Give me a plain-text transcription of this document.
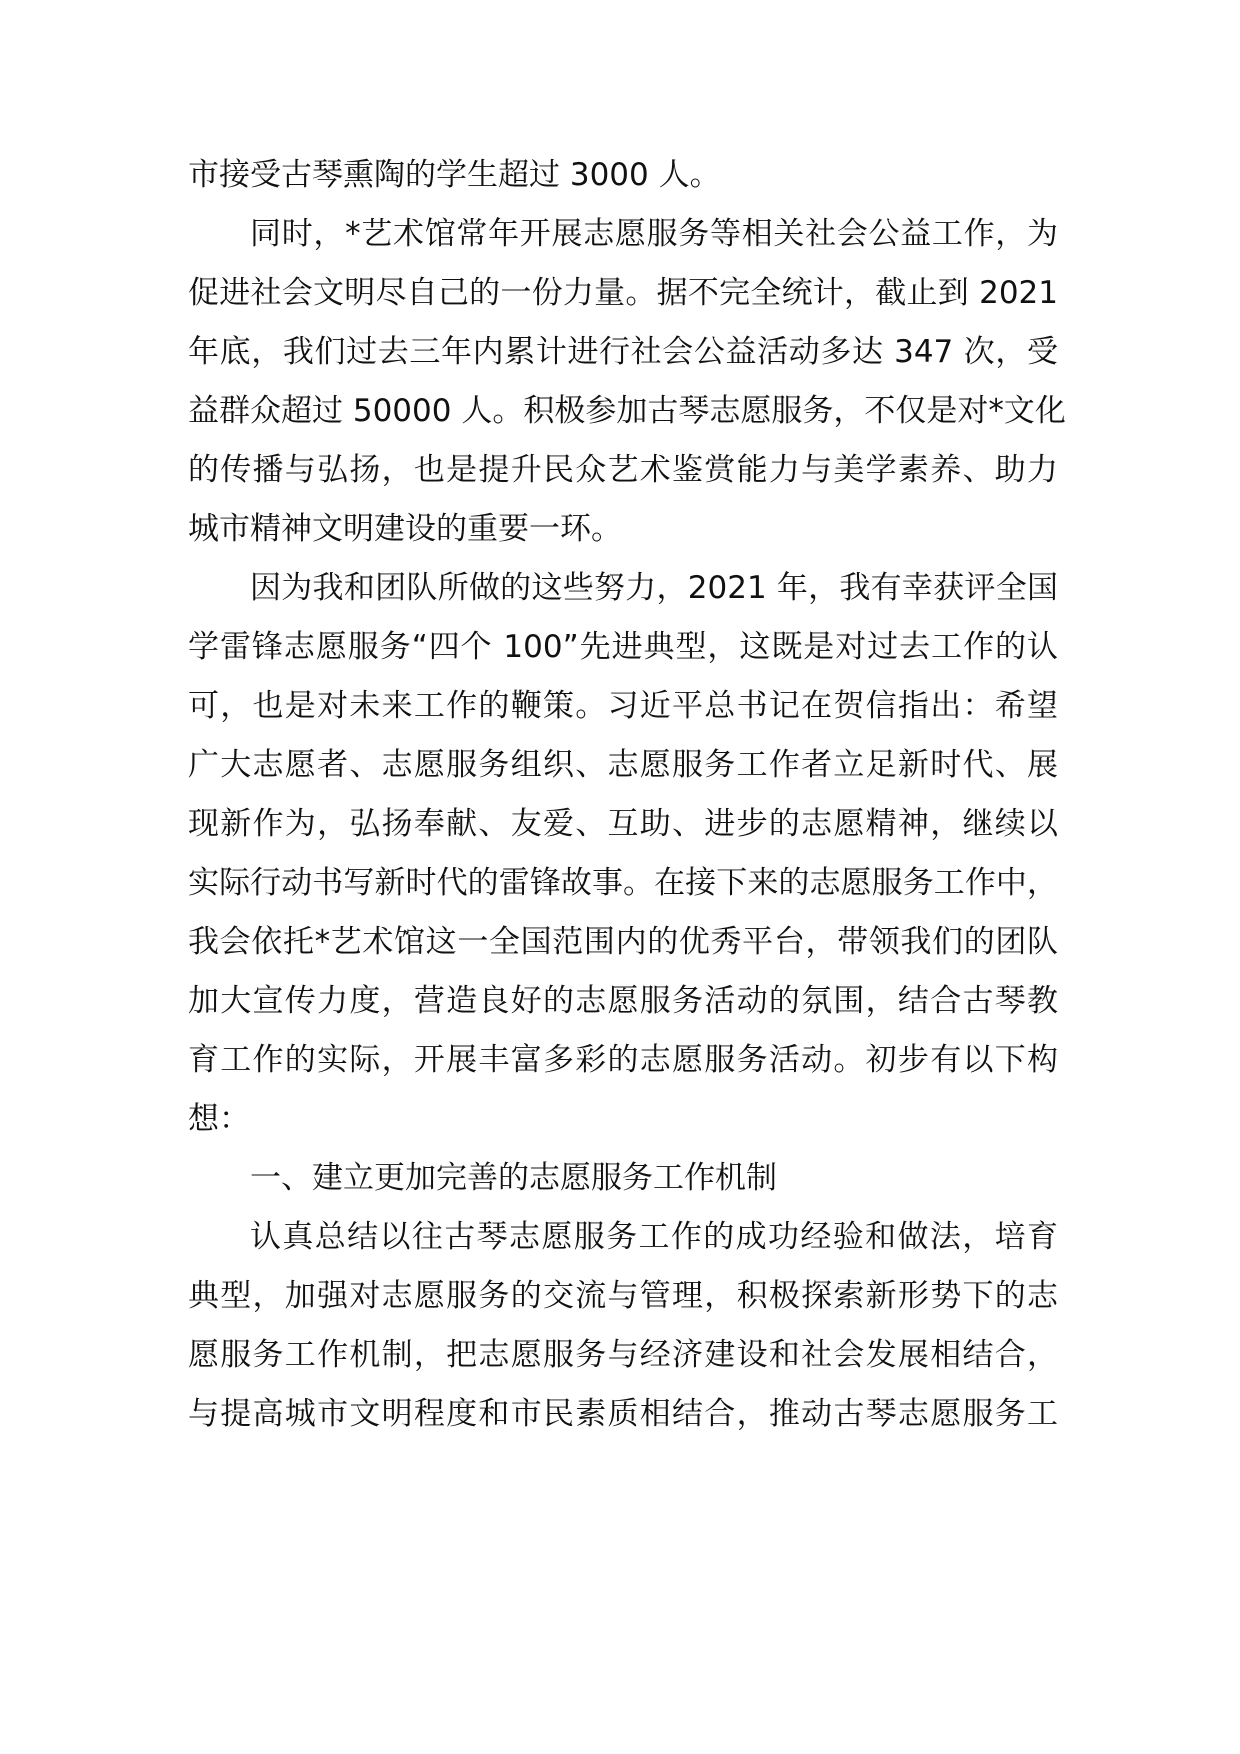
市接受古琴熏陶的学生超过 3000 人。
同时，*艺术馆常年开展志愿服务等相关社会公益工作，为
促进社会文明尽自己的一份力量。据不完全统计，截止到 2021
年底，我们过去三年内累计进行社会公益活动多达 347 次，受
益群众超过 50000 人。积极参加古琴志愿服务，不仅是对*文化
的传播与弘扬，也是提升民众艺术鉴赏能力与美学素养、助力
城市精神文明建设的重要一环。
因为我和团队所做的这些努力，2021 年，我有幸获评全国
学雷锋志愿服务“四个 100”先进典型，这既是对过去工作的认
可，也是对未来工作的鞭策。习近平总书记在贺信指出：希望
广大志愿者、志愿服务组织、志愿服务工作者立足新时代、展
现新作为，弘扬奉献、友爱、互助、进步的志愿精神，继续以
实际行动书写新时代的雷锋故事。在接下来的志愿服务工作中，
我会依托*艺术馆这一全国范围内的优秀平台，带领我们的团队
加大宣传力度，营造良好的志愿服务活动的氛围，结合古琴教
育工作的实际，开展丰富多彩的志愿服务活动。初步有以下构
想：
一、建立更加完善的志愿服务工作机制
认真总结以往古琴志愿服务工作的成功经验和做法，培育
典型，加强对志愿服务的交流与管理，积极探索新形势下的志
愿服务工作机制，把志愿服务与经济建设和社会发展相结合，
与提高城市文明程度和市民素质相结合，推动古琴志愿服务工
